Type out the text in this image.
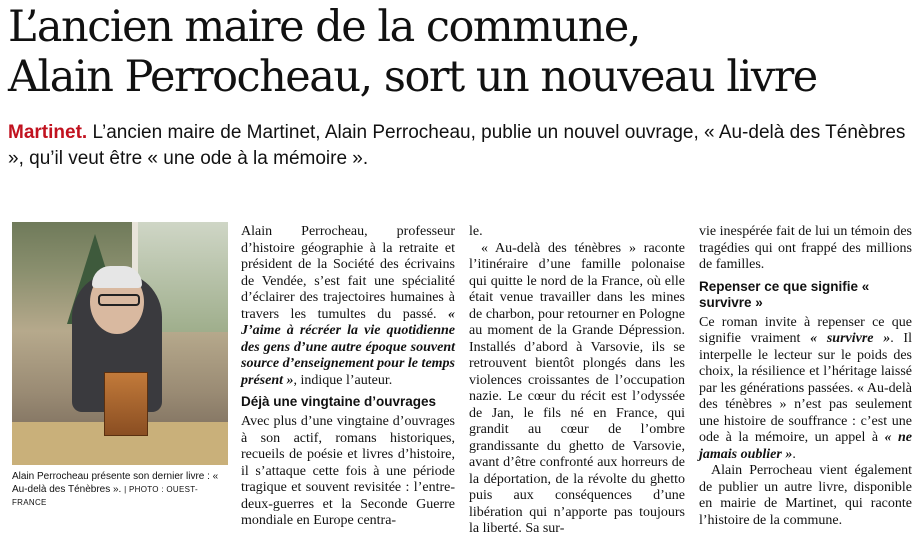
L’ancien maire de la commune,
Alain Perrocheau, sort un nouveau livre

Martinet. L’ancien maire de Martinet, Alain Perrocheau, publie un nouvel ouvrage, « Au-delà des Ténèbres », qu’il veut être « une ode à la mémoire ».

Alain Perrocheau présente son dernier livre : « Au-delà des Ténèbres ». | PHOTO : OUEST-FRANCE

Alain Perrocheau, professeur d’histoire géographie à la retraite et président de la Société des écrivains de Vendée, s’est fait une spécialité d’éclairer des trajectoires humaines à travers les tumultes du passé. « J’aime à récréer la vie quotidienne des gens d’une autre époque souvent source d’enseignement pour le temps présent », indique l’auteur.

Déjà une vingtaine d’ouvrages

Avec plus d’une vingtaine d’ouvrages à son actif, romans historiques, recueils de poésie et livres d’histoire, il s’attaque cette fois à une période tragique et souvent revisitée : l’entre-deux-guerres et la Seconde Guerre mondiale en Europe centra-

le.

« Au-delà des ténèbres » raconte l’itinéraire d’une famille polonaise qui quitte le nord de la France, où elle était venue travailler dans les mines de charbon, pour retourner en Pologne au moment de la Grande Dépression. Installés d’abord à Varsovie, ils se retrouvent bientôt plongés dans les violences croissantes de l’occupation nazie. Le cœur du récit est l’odyssée de Jan, le fils né en France, qui grandit au cœur de l’ombre grandissante du ghetto de Varsovie, avant d’être confronté aux horreurs de la déportation, de la révolte du ghetto puis aux conséquences d’une libération qui n’apporte pas toujours la liberté. Sa sur-

vie inespérée fait de lui un témoin des tragédies qui ont frappé des millions de familles.

Repenser ce que signifie « survivre »

Ce roman invite à repenser ce que signifie vraiment « survivre ». Il interpelle le lecteur sur le poids des choix, la résilience et l’héritage laissé par les générations passées. « Au-delà des ténèbres » n’est pas seulement une histoire de souffrance : c’est une ode à la mémoire, un appel à « ne jamais oublier ».

Alain Perrocheau vient également de publier un autre livre, disponible en mairie de Martinet, qui raconte l’histoire de la commune.
